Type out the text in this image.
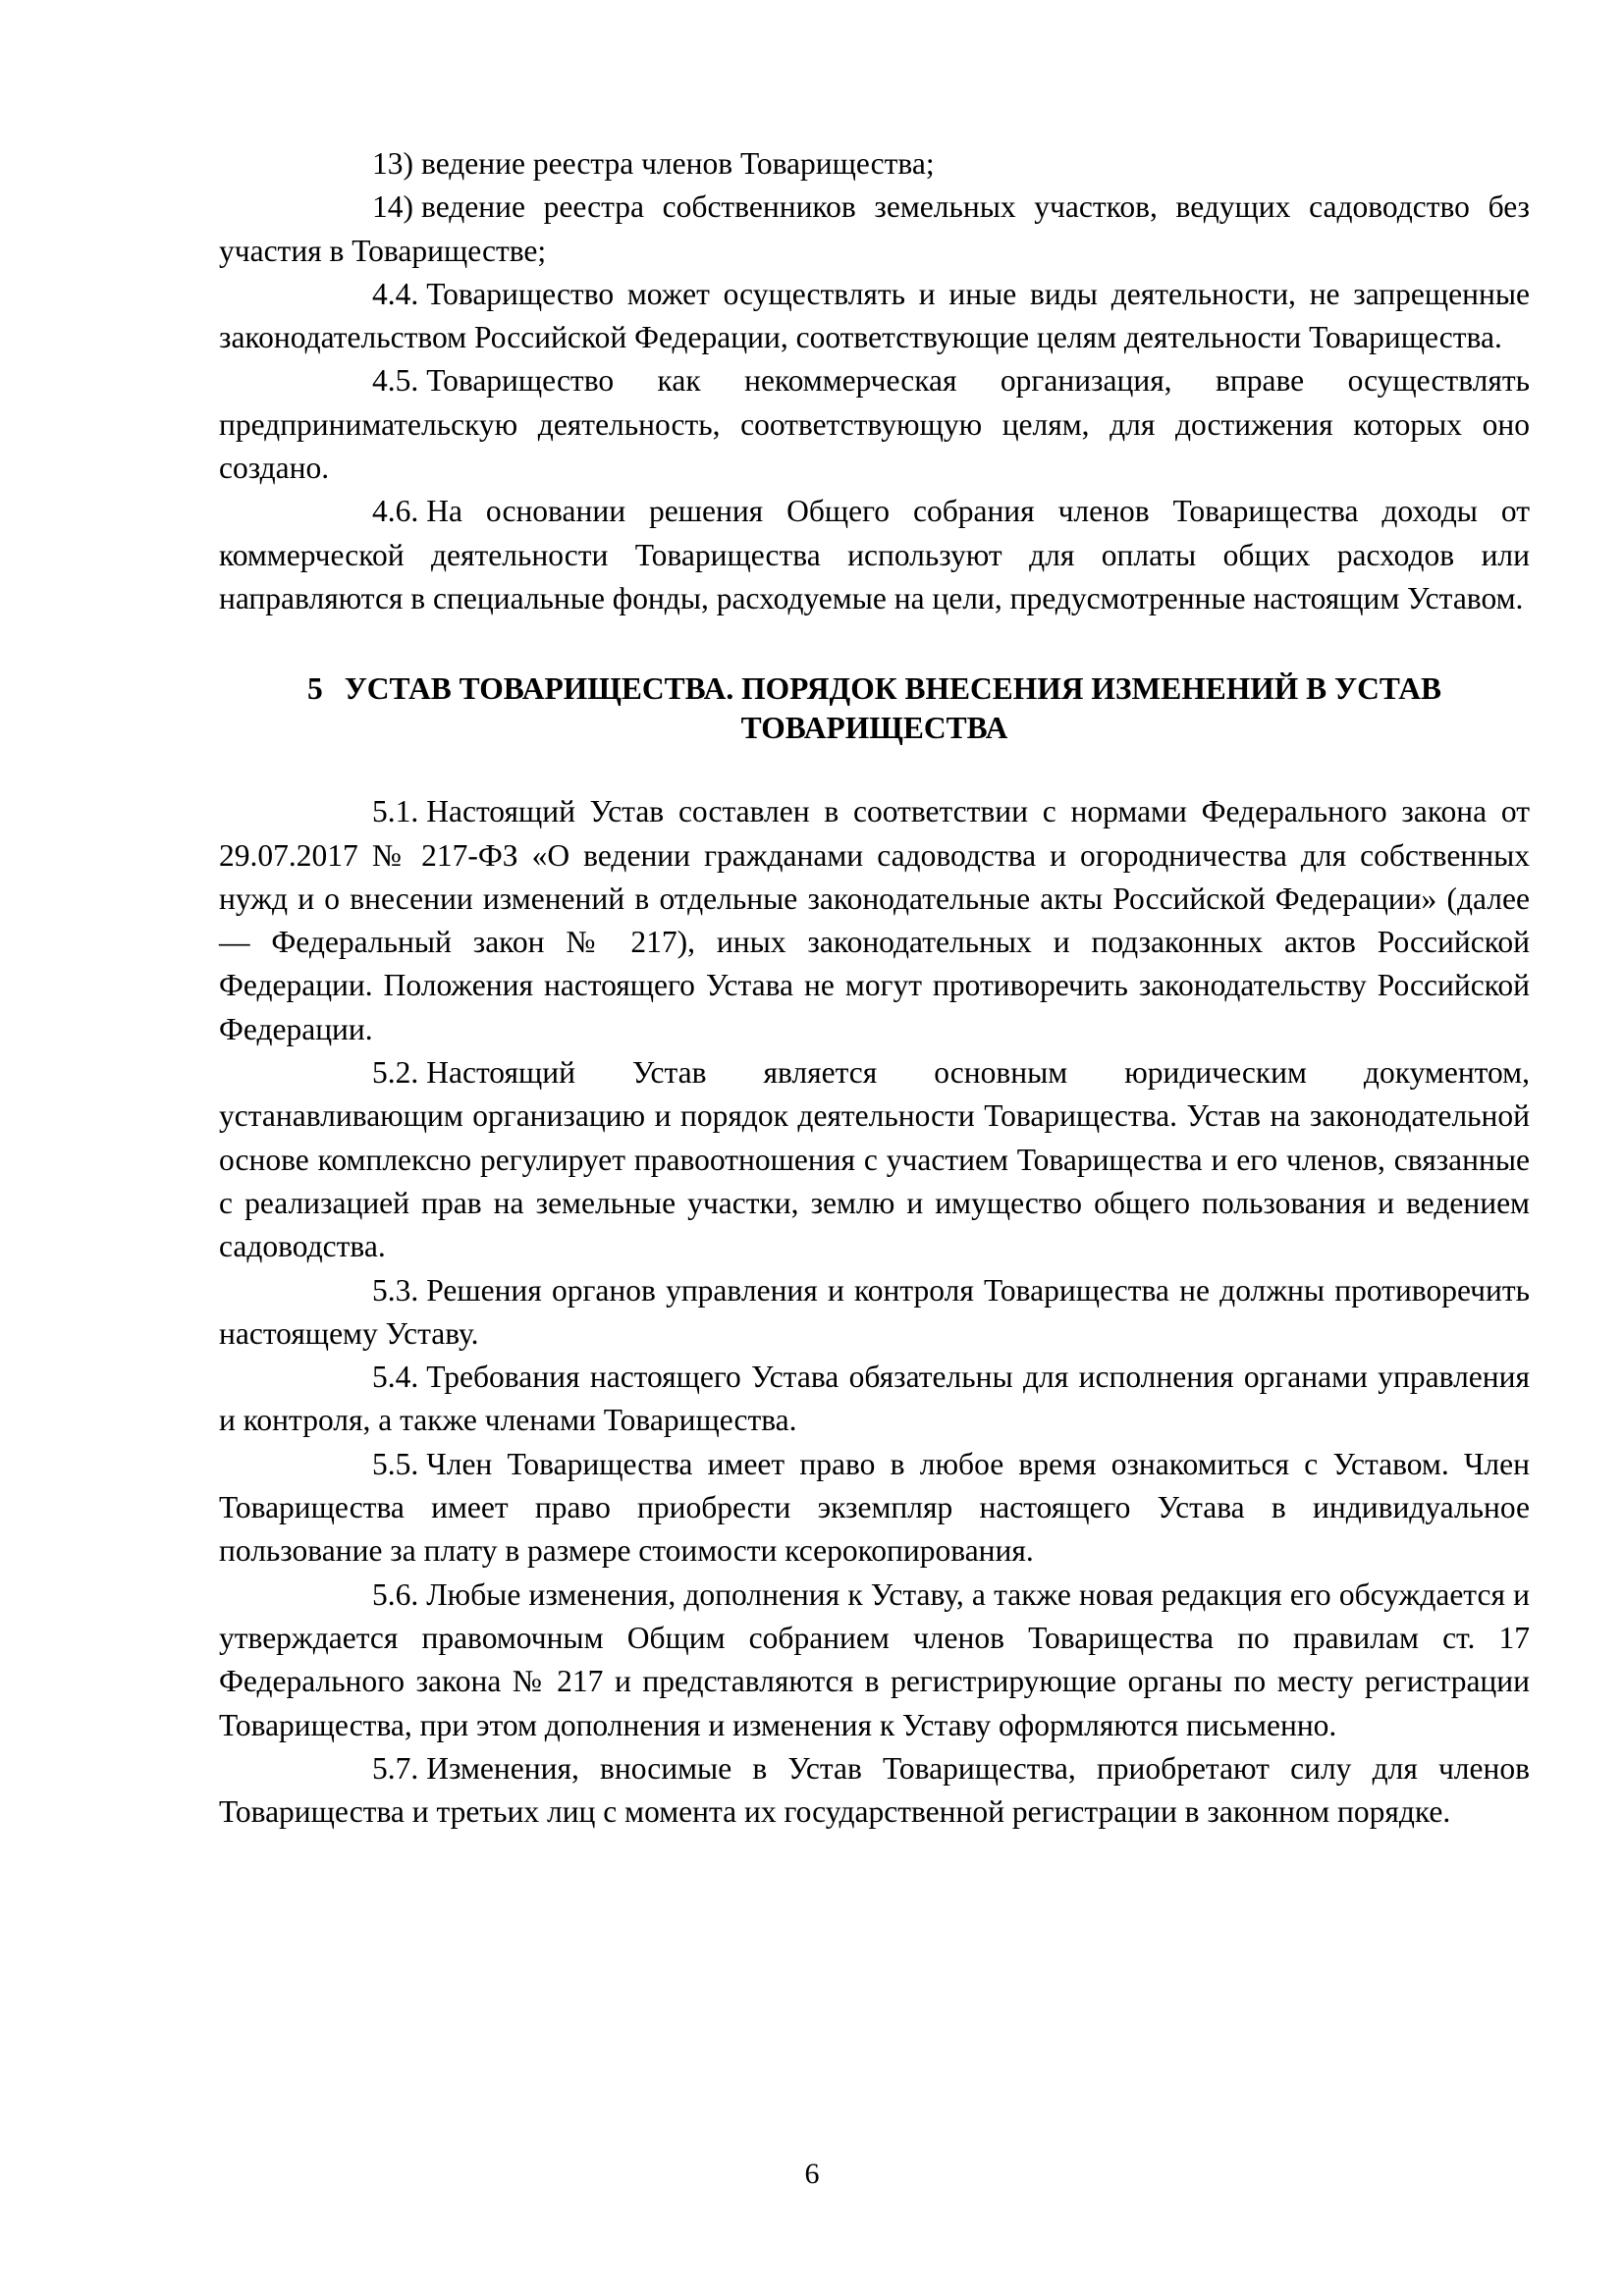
13) ведение реестра членов Товарищества;

14) ведение реестра собственников земельных участков, ведущих садоводство без участия в Товариществе;

4.4. Товарищество может осуществлять и иные виды деятельности, не запрещенные законодательством Российской Федерации, соответствующие целям деятельности Товарищества.

4.5. Товарищество как некоммерческая организация, вправе осуществлять предпринимательскую деятельность, соответствующую целям, для достижения которых оно создано.

4.6. На основании решения Общего собрания членов Товарищества доходы от коммерческой деятельности Товарищества используют для оплаты общих расходов или направляются в специальные фонды, расходуемые на цели, предусмотренные настоящим Уставом.

5 УСТАВ ТОВАРИЩЕСТВА. ПОРЯДОК ВНЕСЕНИЯ ИЗМЕНЕНИЙ В УСТАВ ТОВАРИЩЕСТВА

5.1. Настоящий Устав составлен в соответствии с нормами Федерального закона от 29.07.2017 № 217-ФЗ «О ведении гражданами садоводства и огородничества для собственных нужд и о внесении изменений в отдельные законодательные акты Российской Федерации» (далее — Федеральный закон № 217), иных законодательных и подзаконных актов Российской Федерации. Положения настоящего Устава не могут противоречить законодательству Российской Федерации.

5.2. Настоящий Устав является основным юридическим документом, устанавливающим организацию и порядок деятельности Товарищества. Устав на законодательной основе комплексно регулирует правоотношения с участием Товарищества и его членов, связанные с реализацией прав на земельные участки, землю и имущество общего пользования и ведением садоводства.

5.3. Решения органов управления и контроля Товарищества не должны противоречить настоящему Уставу.

5.4. Требования настоящего Устава обязательны для исполнения органами управления и контроля, а также членами Товарищества.

5.5. Член Товарищества имеет право в любое время ознакомиться с Уставом. Член Товарищества имеет право приобрести экземпляр настоящего Устава в индивидуальное пользование за плату в размере стоимости ксерокопирования.

5.6. Любые изменения, дополнения к Уставу, а также новая редакция его обсуждается и утверждается правомочным Общим собранием членов Товарищества по правилам ст. 17 Федерального закона № 217 и представляются в регистрирующие органы по месту регистрации Товарищества, при этом дополнения и изменения к Уставу оформляются письменно.

5.7. Изменения, вносимые в Устав Товарищества, приобретают силу для членов Товарищества и третьих лиц с момента их государственной регистрации в законном порядке.

6
